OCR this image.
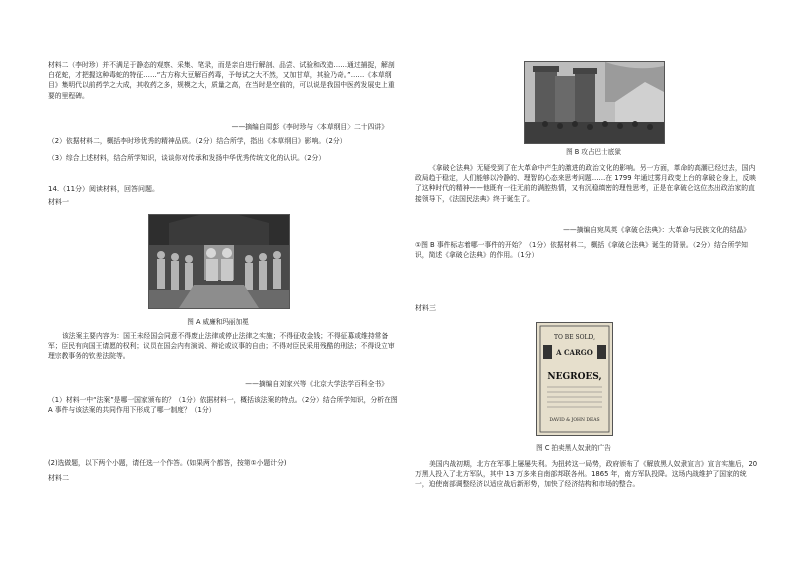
材料二（李时珍）并不满足于静态的观察、采集、笔录，而是亲自进行解剖、品尝、试验和改造……通过捕捉，解剖白花蛇，才把握这种毒蛇的特征……“古方称大豆解百药毒，予每试之大不然，又加甘草，其验乃奇。”……《本草纲目》集明代以前药学之大成，其收药之多，规模之大，质量之高，在当时是空前的，可以说是我国中医药发展史上重要的里程碑。

——摘编自周彭《李时珍与〈本草纲目〉二十四讲》

（2）依据材料二，概括李时珍优秀的精神品质。（2分）结合所学，指出《本草纲目》影响。（2分）

（3）综合上述材料，结合所学知识，谈谈你对传承和发扬中华优秀传统文化的认识。（2分）

14.（11分）阅读材料，回答问题。

材料一

图 A 威廉和玛丽加冕

该法案主要内容为：国王未经国会同意不得废止法律或停止法律之实施；不得征收金钱；不得征募或维持常备军；臣民有向国王请愿的权利；议员在国会内有演说、辩论或议事的自由；不得对臣民采用残酷的刑法；不得设立审理宗教事务的钦差法院等。

——摘编自刘家兴等《北京大学法学百科全书》

（1）材料一中“法案”是哪一国家颁布的？（1分）依据材料一，概括该法案的特点。（2分）结合所学知识，分析在图 A 事件与该法案的共同作用下形成了哪一制度？（1分）

(2)选做题，以下两个小题，请任选一个作答。(如果两个都答，按第①小题计分)

材料二

图 B 攻占巴士底狱

《拿破仑法典》无疑受到了在大革命中产生的激进的政治文化的影响。另一方面，革命的高潮已经过去，国内政局趋于稳定，人们能够以冷静的、理智的心态来思考问题……在 1799 年通过雾月政变上台的拿破仑身上，反映了这种时代的精神——他既有一往无前的满腔热情，又有沉稳缜密的理性思考，正是在拿破仑这位杰出政治家的直接领导下，《法国民法典》终于诞生了。

——摘编自宛凤英《拿破仑法典》：大革命与民族文化的结晶》

①图 B 事件标志着哪一事件的开始？（1分）依据材料二，概括《拿破仑法典》诞生的背景。（2分）结合所学知识，简述《拿破仑法典》的作用。（1分）

材料三

TO BE SOLD,
A CARGO
NEGROES,
DAVID & JOHN DEAS

图 C 拍卖黑人奴隶的广告

美国内战初期，北方在军事上屡屡失利。为扭转这一局势，政府颁布了《解放黑人奴隶宣言》宣言实施后，20 万黑人投入了北方军队，其中 13 万多来自南部邦联各州。1865 年，南方军队投降。这场内战维护了国家的统一，迫使南部调整经济以适应战后新形势，加快了经济结构和市场的整合。
